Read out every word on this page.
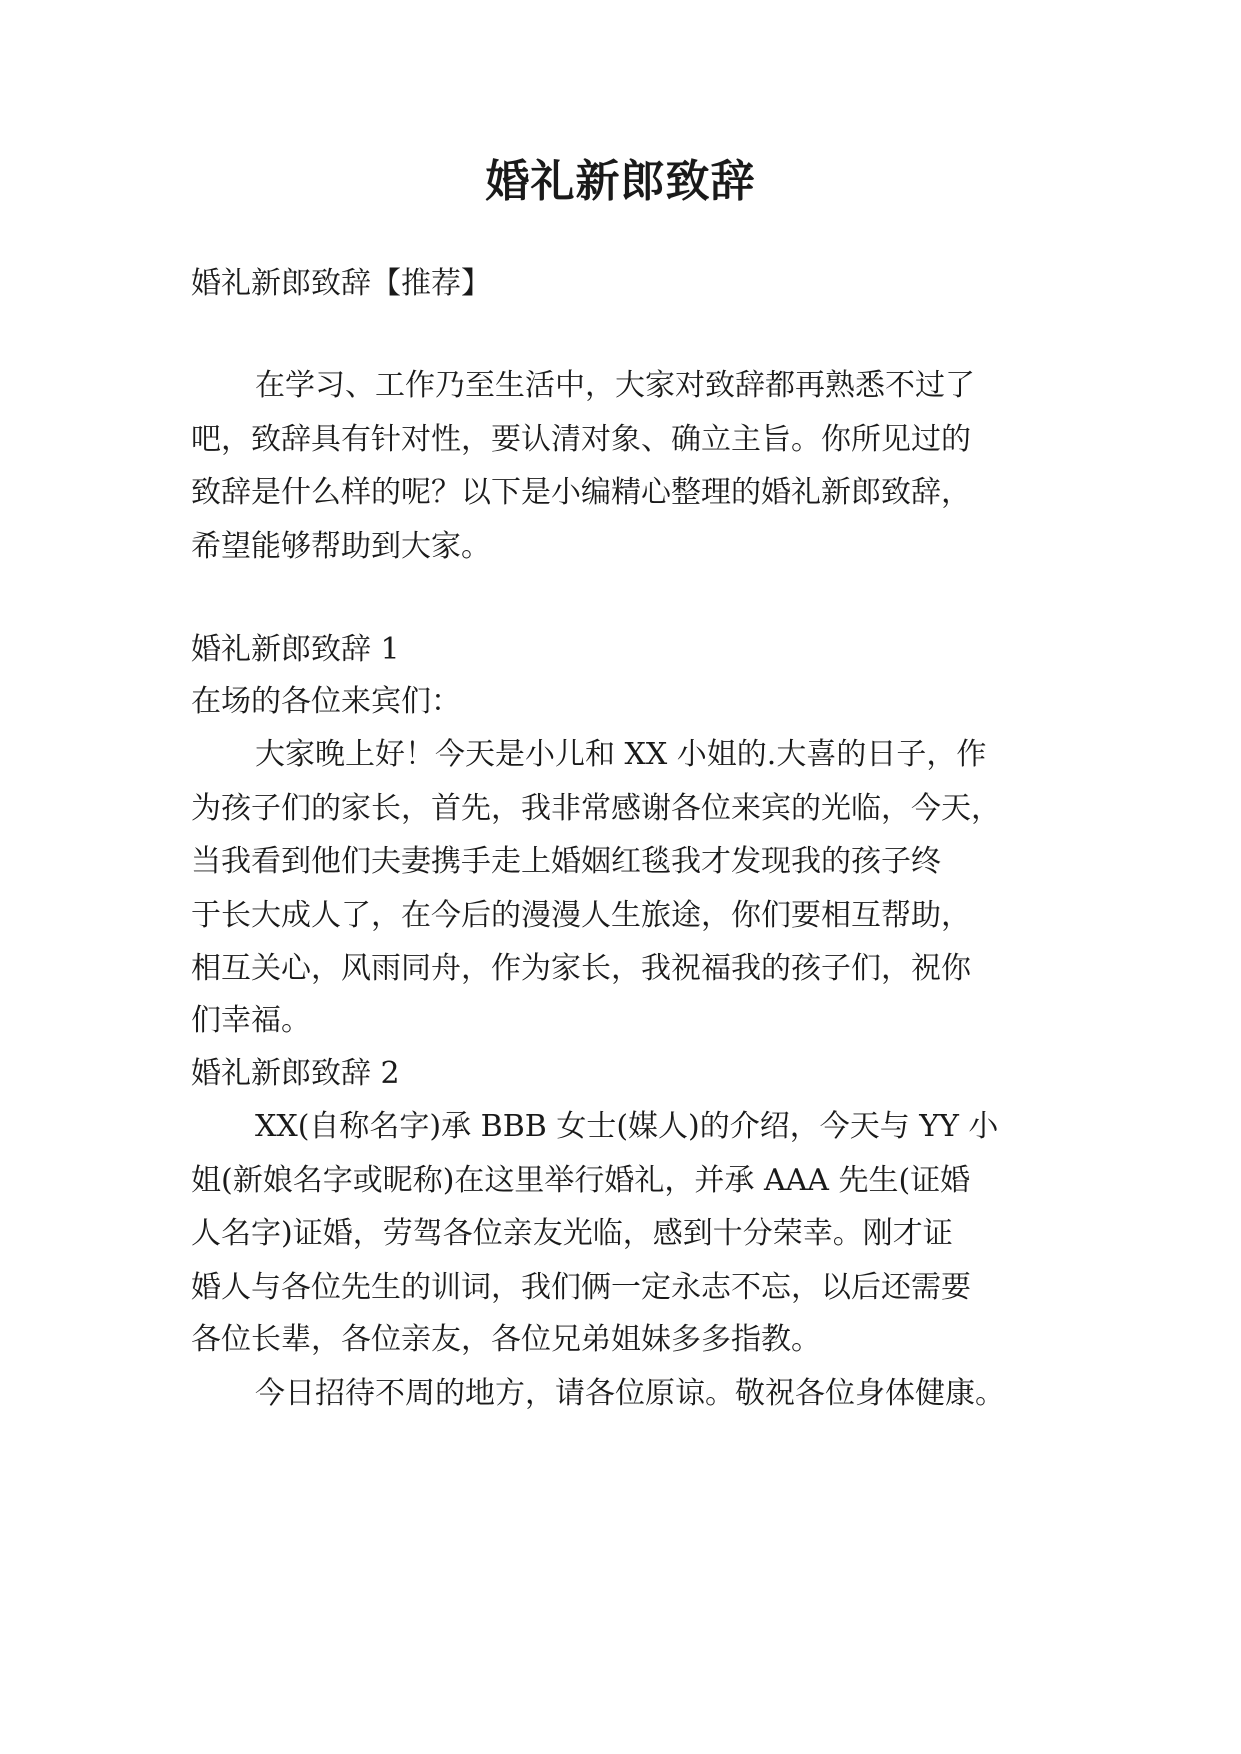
婚礼新郎致辞

婚礼新郎致辞【推荐】

在学习、工作乃至生活中，大家对致辞都再熟悉不过了

吧，致辞具有针对性，要认清对象、确立主旨。你所见过的

致辞是什么样的呢？以下是小编精心整理的婚礼新郎致辞，

希望能够帮助到大家。

婚礼新郎致辞 1

在场的各位来宾们：

大家晚上好！今天是小儿和 XX 小姐的.大喜的日子，作

为孩子们的家长，首先，我非常感谢各位来宾的光临，今天，

当我看到他们夫妻携手走上婚姻红毯我才发现我的孩子终

于长大成人了，在今后的漫漫人生旅途，你们要相互帮助，

相互关心，风雨同舟，作为家长，我祝福我的孩子们，祝你

们幸福。

婚礼新郎致辞 2

XX(自称名字)承 BBB 女士(媒人)的介绍，今天与 YY 小

姐(新娘名字或昵称)在这里举行婚礼，并承 AAA 先生(证婚

人名字)证婚，劳驾各位亲友光临，感到十分荣幸。刚才证

婚人与各位先生的训词，我们俩一定永志不忘，以后还需要

各位长辈，各位亲友，各位兄弟姐妹多多指教。

今日招待不周的地方，请各位原谅。敬祝各位身体健康。
